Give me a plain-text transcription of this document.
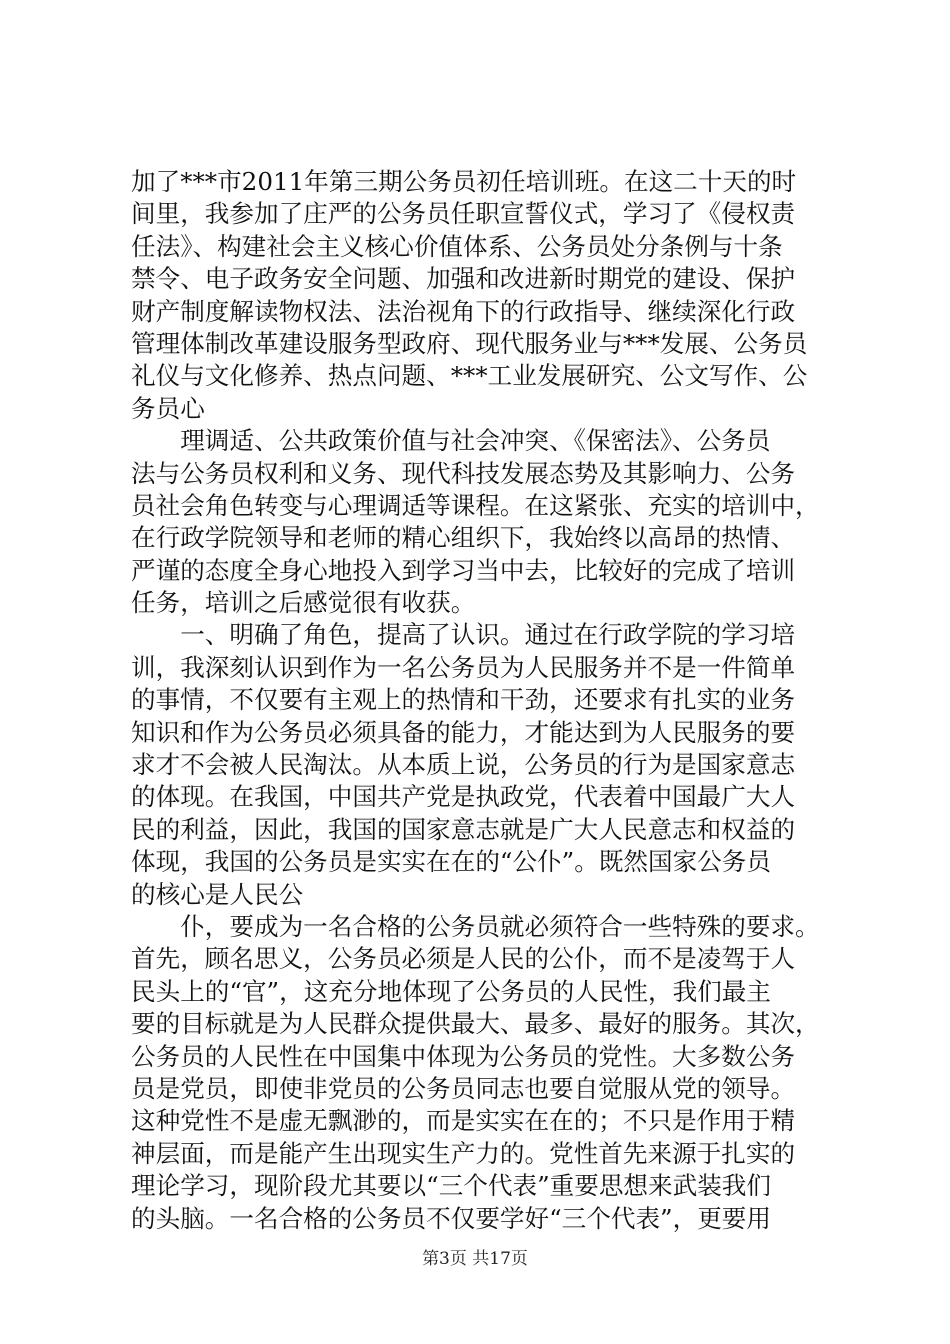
加了***市2011年第三期公务员初任培训班。在这二十天的时
间里，我参加了庄严的公务员任职宣誓仪式，学习了《侵权责
任法》、构建社会主义核心价值体系、公务员处分条例与十条
禁令、电子政务安全问题、加强和改进新时期党的建设、保护
财产制度解读物权法、法治视角下的行政指导、继续深化行政
管理体制改革建设服务型政府、现代服务业与***发展、公务员
礼仪与文化修养、热点问题、***工业发展研究、公文写作、公
务员心
　　理调适、公共政策价值与社会冲突、《保密法》、公务员
法与公务员权利和义务、现代科技发展态势及其影响力、公务
员社会角色转变与心理调适等课程。在这紧张、充实的培训中，
在行政学院领导和老师的精心组织下，我始终以高昂的热情、
严谨的态度全身心地投入到学习当中去，比较好的完成了培训
任务，培训之后感觉很有收获。
　　一、明确了角色，提高了认识。通过在行政学院的学习培
训，我深刻认识到作为一名公务员为人民服务并不是一件简单
的事情，不仅要有主观上的热情和干劲，还要求有扎实的业务
知识和作为公务员必须具备的能力，才能达到为人民服务的要
求才不会被人民淘汰。从本质上说，公务员的行为是国家意志
的体现。在我国，中国共产党是执政党，代表着中国最广大人
民的利益，因此，我国的国家意志就是广大人民意志和权益的
体现，我国的公务员是实实在在的“公仆”。既然国家公务员
的核心是人民公
　　仆，要成为一名合格的公务员就必须符合一些特殊的要求。
首先，顾名思义，公务员必须是人民的公仆，而不是凌驾于人
民头上的“官”，这充分地体现了公务员的人民性，我们最主
要的目标就是为人民群众提供最大、最多、最好的服务。其次，
公务员的人民性在中国集中体现为公务员的党性。大多数公务
员是党员，即使非党员的公务员同志也要自觉服从党的领导。
这种党性不是虚无飘渺的，而是实实在在的；不只是作用于精
神层面，而是能产生出现实生产力的。党性首先来源于扎实的
理论学习，现阶段尤其要以“三个代表”重要思想来武装我们
的头脑。一名合格的公务员不仅要学好“三个代表”，更要用
第3页 共17页
